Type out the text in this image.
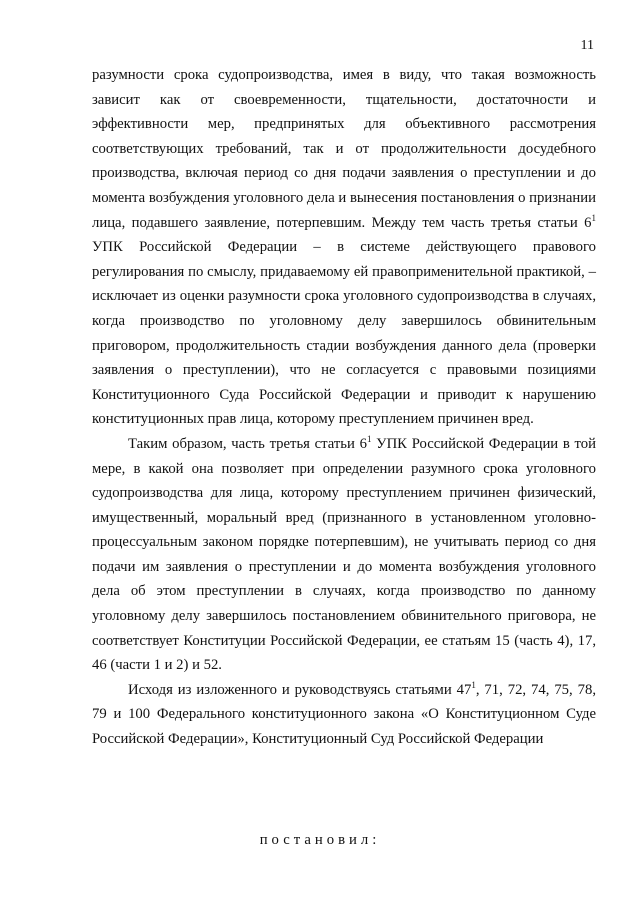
11

разумности срока судопроизводства, имея в виду, что такая возможность зависит как от своевременности, тщательности, достаточности и эффективности мер, предпринятых для объективного рассмотрения соответствующих требований, так и от продолжительности досудебного производства, включая период со дня подачи заявления о преступлении и до момента возбуждения уголовного дела и вынесения постановления о признании лица, подавшего заявление, потерпевшим. Между тем часть третья статьи $6^1$ УПК Российской Федерации – в системе действующего правового регулирования по смыслу, придаваемому ей правоприменительной практикой, – исключает из оценки разумности срока уголовного судопроизводства в случаях, когда производство по уголовному делу завершилось обвинительным приговором, продолжительность стадии возбуждения данного дела (проверки заявления о преступлении), что не согласуется с правовыми позициями Конституционного Суда Российской Федерации и приводит к нарушению конституционных прав лица, которому преступлением причинен вред.

Таким образом, часть третья статьи $6^1$ УПК Российской Федерации в той мере, в какой она позволяет при определении разумного срока уголовного судопроизводства для лица, которому преступлением причинен физический, имущественный, моральный вред (признанного в установленном уголовно-процессуальным законом порядке потерпевшим), не учитывать период со дня подачи им заявления о преступлении и до момента возбуждения уголовного дела об этом преступлении в случаях, когда производство по данному уголовному делу завершилось постановлением обвинительного приговора, не соответствует Конституции Российской Федерации, ее статьям 15 (часть 4), 17, 46 (части 1 и 2) и 52.

Исходя из изложенного и руководствуясь статьями $47^1$, 71, 72, 74, 75, 78, 79 и 100 Федерального конституционного закона «О Конституционном Суде Российской Федерации», Конституционный Суд Российской Федерации

постановил:
